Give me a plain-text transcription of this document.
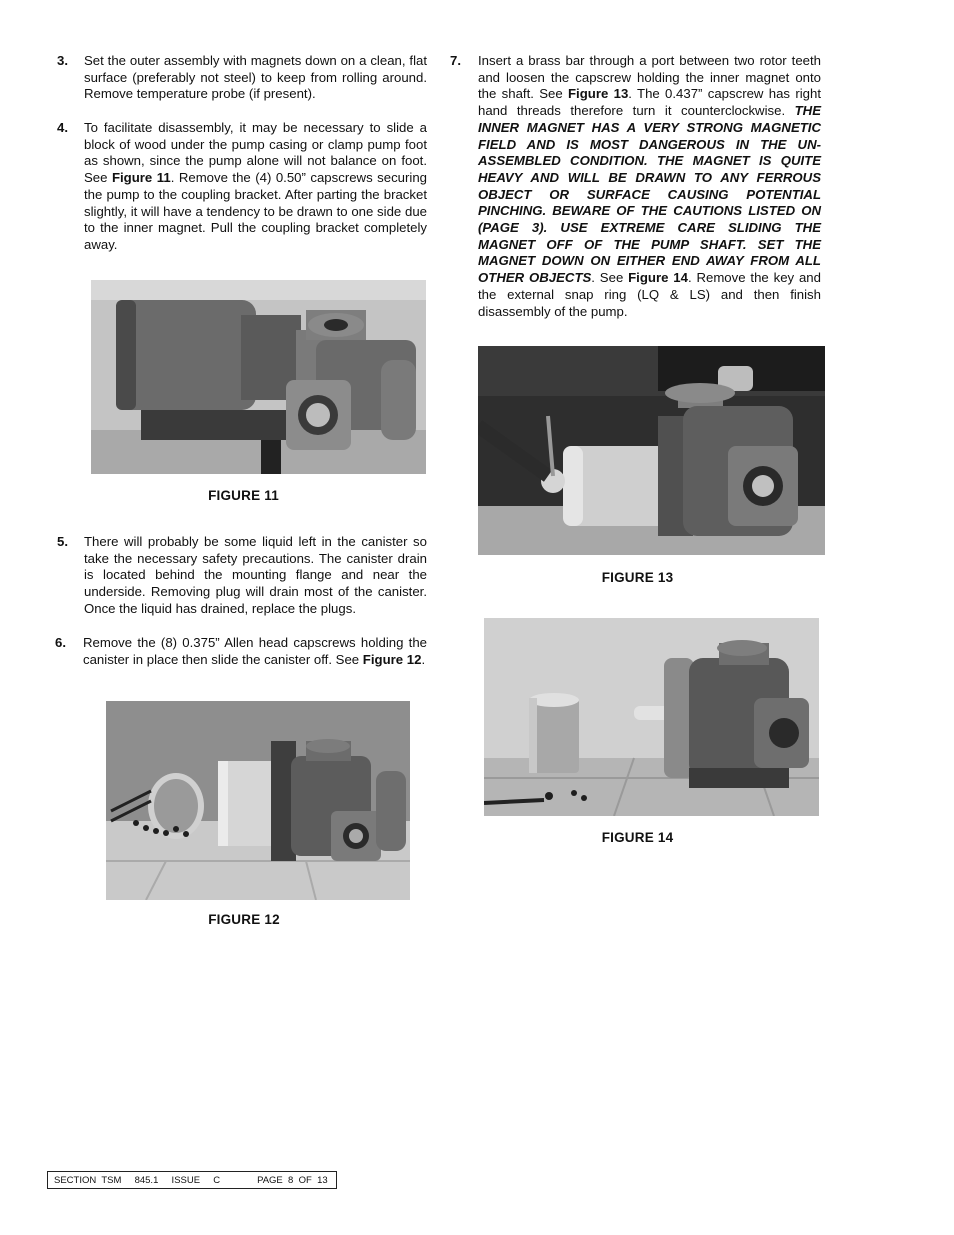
3. Set the outer assembly with magnets down on a clean, flat surface (preferably not steel) to keep from rolling around. Remove temperature probe (if present).
4. To facilitate disassembly, it may be necessary to slide a block of wood under the pump casing or clamp pump foot as shown, since the pump alone will not balance on foot. See Figure 11. Remove the (4) 0.50” capscrews securing the pump to the coupling bracket. After parting the bracket slightly, it will have a tendency to be drawn to one side due to the inner magnet. Pull the coupling bracket completely away.
FIGURE 11
5. There will probably be some liquid left in the canister so take the necessary safety precautions. The canister drain is located behind the mounting flange and near the underside. Removing plug will drain most of the canister. Once the liquid has drained, replace the plugs.
6. Remove the (8) 0.375” Allen head capscrews holding the canister in place then slide the canister off. See Figure 12.
FIGURE 12
7. Insert a brass bar through a port between two rotor teeth and loosen the capscrew holding the inner magnet onto the shaft. See Figure 13. The 0.437” capscrew has right hand threads therefore turn it counterclockwise. THE INNER MAGNET HAS A VERY STRONG MAGNETIC FIELD AND IS MOST DANGEROUS IN THE UN-ASSEMBLED CONDITION. THE MAGNET IS QUITE HEAVY AND WILL BE DRAWN TO ANY FERROUS OBJECT OR SURFACE CAUSING POTENTIAL PINCHING. BEWARE OF THE CAUTIONS LISTED ON (PAGE 3). USE EXTREME CARE SLIDING THE MAGNET OFF OF THE PUMP SHAFT. SET THE MAGNET DOWN ON EITHER END AWAY FROM ALL OTHER OBJECTS. See Figure 14. Remove the key and the external snap ring (LQ & LS) and then finish disassembly of the pump.
FIGURE 13
FIGURE 14
SECTION  TSM     845.1     ISSUE     C              PAGE  8  OF  13
